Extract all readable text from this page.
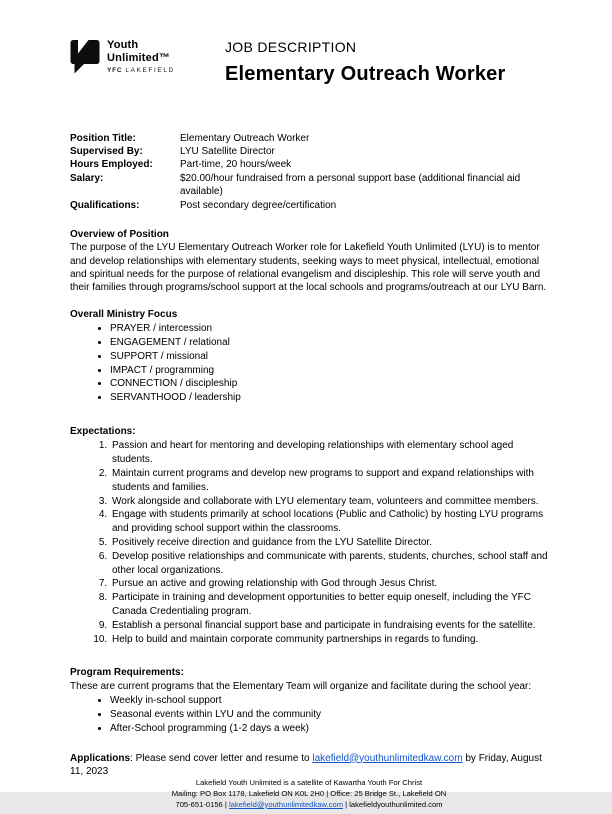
Youth
Unlimited™
YFC LAKEFIELD
JOB DESCRIPTION
Elementary Outreach Worker
Position Title:	Elementary Outreach Worker
Supervised By:	LYU Satellite Director
Hours Employed:	Part-time, 20 hours/week
Salary:	$20.00/hour fundraised from a personal support base (additional financial aid available)
Qualifications:	Post secondary degree/certification
Overview of Position

The purpose of the LYU Elementary Outreach Worker role for Lakefield Youth Unlimited (LYU) is to mentor and develop relationships with elementary students, seeking ways to meet physical, intellectual, emotional and spiritual needs for the purpose of relational evangelism and discipleship. This role will serve youth and their families through programs/school support at the local schools and programs/outreach at our LYU Barn.

Overall Ministry Focus
• PRAYER / intercession
• ENGAGEMENT / relational
• SUPPORT / missional
• IMPACT / programming
• CONNECTION / discipleship
• SERVANTHOOD / leadership
Expectations:
1. Passion and heart for mentoring and developing relationships with elementary school aged students.
2. Maintain current programs and develop new programs to support and expand relationships with students and families.
3. Work alongside and collaborate with LYU elementary team, volunteers and committee members.
4. Engage with students primarily at school locations (Public and Catholic) by hosting LYU programs and providing school support within the classrooms.
5. Positively receive direction and guidance from the LYU Satellite Director.
6. Develop positive relationships and communicate with parents, students, churches, school staff and other local organizations.
7. Pursue an active and growing relationship with God through Jesus Christ.
8. Participate in training and development opportunities to better equip oneself, including the YFC Canada Credentialing program.
9. Establish a personal financial support base and participate in fundraising events for the satellite.
10. Help to build and maintain corporate community partnerships in regards to funding.
Program Requirements:

These are current programs that the Elementary Team will organize and facilitate during the school year:

• Weekly in-school support
• Seasonal events within LYU and the community
• After-School programming (1-2 days a week)

Applications: Please send cover letter and resume to lakefield@youthunlimitedkaw.com by Friday, August 11, 2023

Lakefield Youth Unlimited is a satellite of Kawartha Youth For Christ
Mailing: PO Box 1178, Lakefield ON K0L 2H0 | Office: 25 Bridge St., Lakefield ON
705-651-0156 | lakefield@youthunlimitedkaw.com | lakefieldyouthunlimited.com
